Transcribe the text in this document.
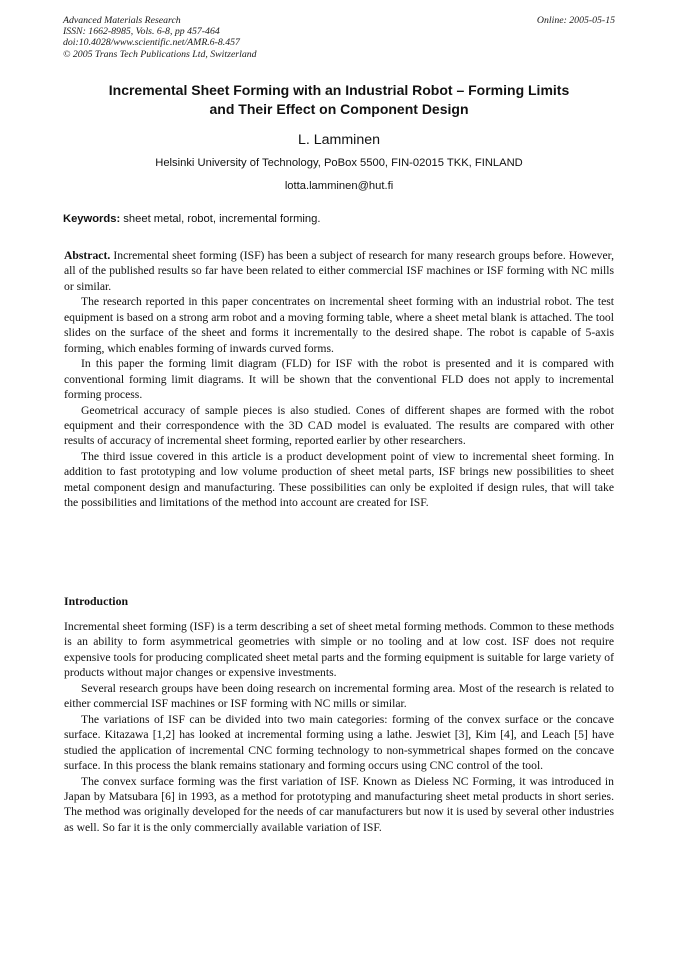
Advanced Materials Research
ISSN: 1662-8985, Vols. 6-8, pp 457-464
doi:10.4028/www.scientific.net/AMR.6-8.457
© 2005 Trans Tech Publications Ltd, Switzerland
Online: 2005-05-15
Incremental Sheet Forming with an Industrial Robot – Forming Limits
and Their Effect on Component Design
L. Lamminen
Helsinki University of Technology, PoBox 5500, FIN-02015 TKK, FINLAND
lotta.lamminen@hut.fi
Keywords: sheet metal, robot, incremental forming.

Abstract. Incremental sheet forming (ISF) has been a subject of research for many research groups before. However, all of the published results so far have been related to either commercial ISF machines or ISF forming with NC mills or similar.

The research reported in this paper concentrates on incremental sheet forming with an industrial robot. The test equipment is based on a strong arm robot and a moving forming table, where a sheet metal blank is attached. The tool slides on the surface of the sheet and forms it incrementally to the desired shape. The robot is capable of 5-axis forming, which enables forming of inwards curved forms.

In this paper the forming limit diagram (FLD) for ISF with the robot is presented and it is compared with conventional forming limit diagrams. It will be shown that the conventional FLD does not apply to incremental forming process.

Geometrical accuracy of sample pieces is also studied. Cones of different shapes are formed with the robot equipment and their correspondence with the 3D CAD model is evaluated. The results are compared with other results of accuracy of incremental sheet forming, reported earlier by other researchers.

The third issue covered in this article is a product development point of view to incremental sheet forming. In addition to fast prototyping and low volume production of sheet metal parts, ISF brings new possibilities to sheet metal component design and manufacturing. These possibilities can only be exploited if design rules, that will take the possibilities and limitations of the method into account are created for ISF.

Introduction

Incremental sheet forming (ISF) is a term describing a set of sheet metal forming methods. Common to these methods is an ability to form asymmetrical geometries with simple or no tooling and at low cost. ISF does not require expensive tools for producing complicated sheet metal parts and the forming equipment is suitable for large variety of products without major changes or expensive investments.

Several research groups have been doing research on incremental forming area. Most of the research is related to either commercial ISF machines or ISF forming with NC mills or similar.

The variations of ISF can be divided into two main categories: forming of the convex surface or the concave surface. Kitazawa [1,2] has looked at incremental forming using a lathe. Jeswiet [3], Kim [4], and Leach [5] have studied the application of incremental CNC forming technology to non-symmetrical shapes formed on the concave surface. In this process the blank remains stationary and forming occurs using CNC control of the tool.

The convex surface forming was the first variation of ISF. Known as Dieless NC Forming, it was introduced in Japan by Matsubara [6] in 1993, as a method for prototyping and manufacturing sheet metal products in short series. The method was originally developed for the needs of car manufacturers but now it is used by several other industries as well. So far it is the only commercially available variation of ISF.
